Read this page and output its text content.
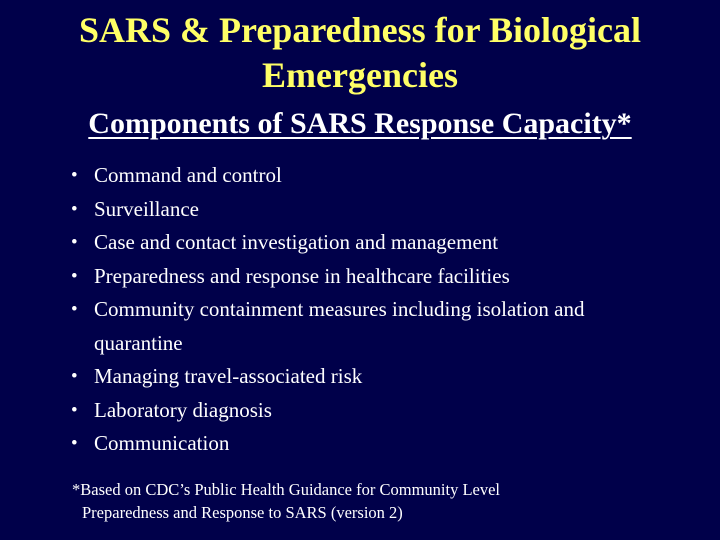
SARS & Preparedness for Biological Emergencies
Components of SARS Response Capacity*
• Command and control
• Surveillance
• Case and contact investigation and management
• Preparedness and response in healthcare facilities
• Community containment measures including isolation and quarantine
• Managing travel-associated risk
• Laboratory diagnosis
• Communication

*Based on CDC’s Public Health Guidance for Community Level
Preparedness and Response to SARS (version 2)
